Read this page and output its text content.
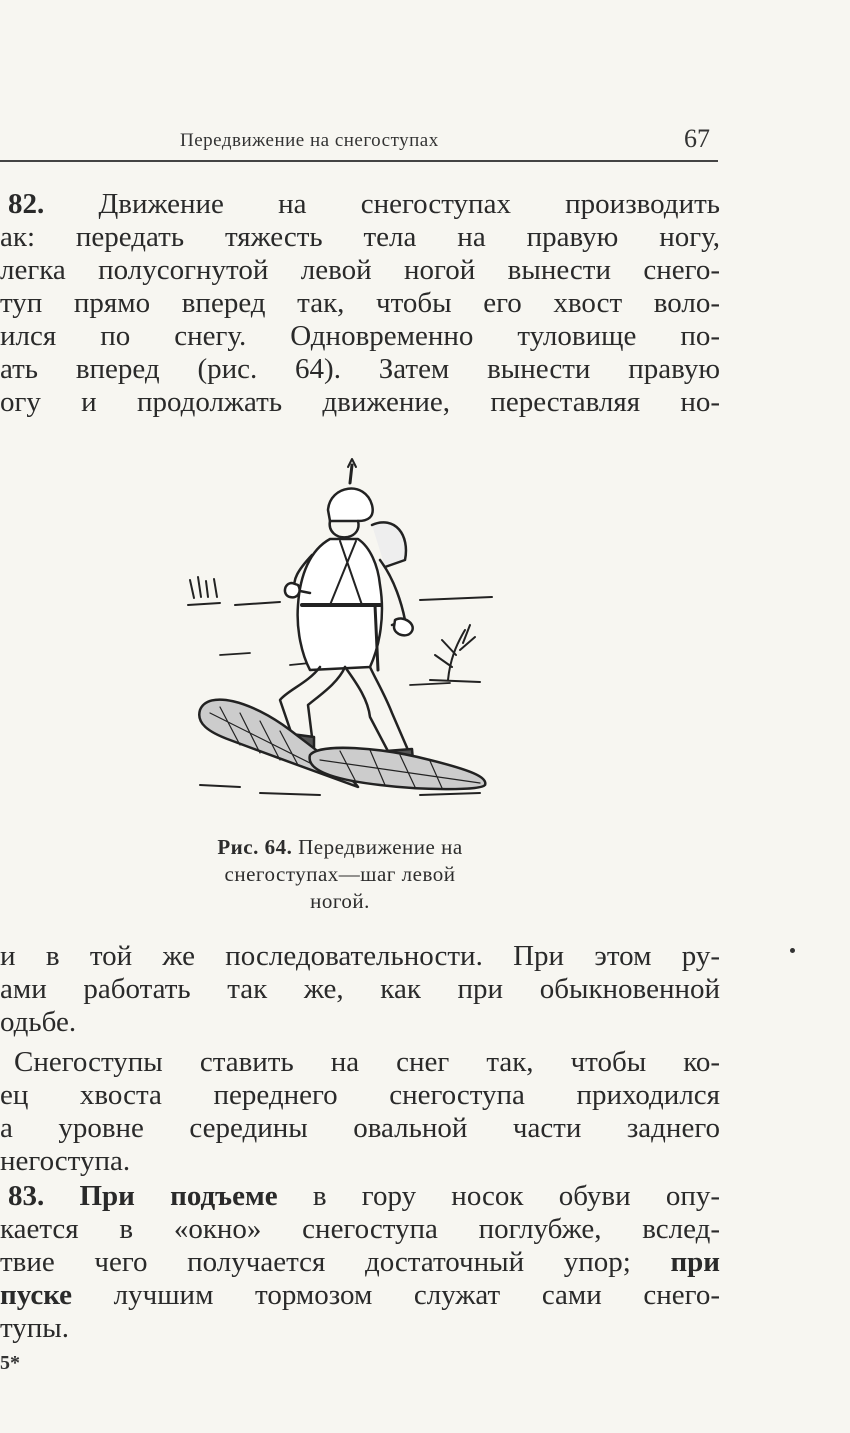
Передвижение на снегоступах	67
82. Движение на снегоступах производить
ак: передать тяжесть тела на правую ногу,
легка полусогнутой левой ногой вынести снего-
туп прямо вперед так, чтобы его хвост воло-
ился по снегу. Одновременно туловище по-
ать вперед (рис. 64). Затем вынести правую
огу и продолжать движение, переставляя но-
Рис. 64. Передвижение на
снегоступах—шаг левой
ногой.
и в той же последовательности. При этом ру-
ами работать так же, как при обыкновенной
одьбе.
Снегоступы ставить на снег так, чтобы ко-
ец хвоста переднего снегоступа приходился
а уровне середины овальной части заднего
негоступа.
83. При подъеме в гору носок обуви опу-
кается в «окно» снегоступа поглубже, вслед-
твие чего получается достаточный упор; при
пуске лучшим тормозом служат сами снего-
тупы.
5*
